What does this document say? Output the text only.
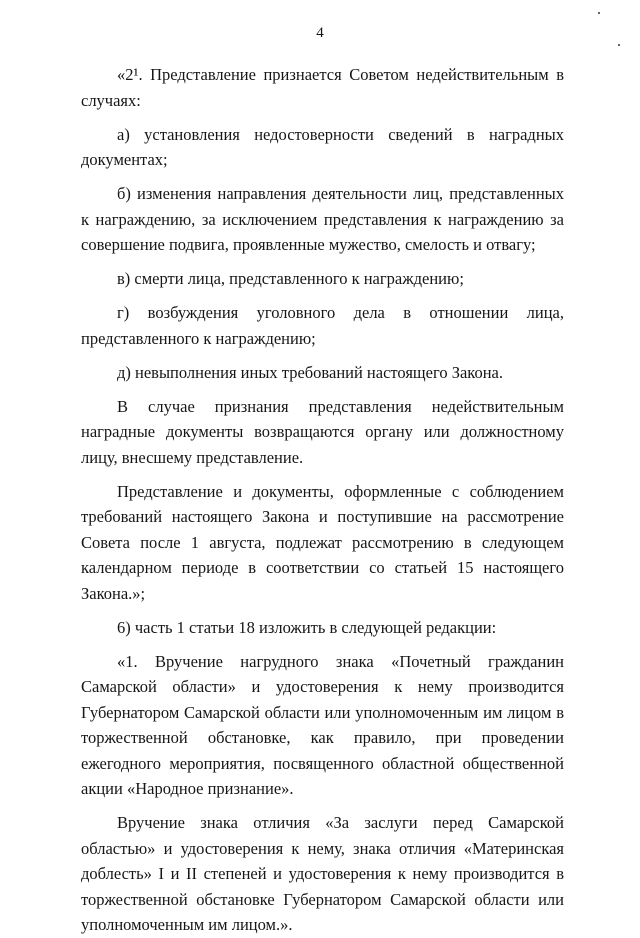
4

«2¹. Представление признается Советом недействительным в случаях:

а) установления недостоверности сведений в наградных документах;

б) изменения направления деятельности лиц, представленных к награждению, за исключением представления к награждению за совершение подвига, проявленные мужество, смелость и отвагу;

в) смерти лица, представленного к награждению;

г) возбуждения уголовного дела в отношении лица, представленного к награждению;

д) невыполнения иных требований настоящего Закона.

В случае признания представления недействительным наградные документы возвращаются органу или должностному лицу, внесшему представление.

Представление и документы, оформленные с соблюдением требований настоящего Закона и поступившие на рассмотрение Совета после 1 августа, подлежат рассмотрению в следующем календарном периоде в соответствии со статьей 15 настоящего Закона.»;

6) часть 1 статьи 18 изложить в следующей редакции:

«1. Вручение нагрудного знака «Почетный гражданин Самарской области» и удостоверения к нему производится Губернатором Самарской области или уполномоченным им лицом в торжественной обстановке, как правило, при проведении ежегодного мероприятия, посвященного областной общественной акции «Народное признание».

Вручение знака отличия «За заслуги перед Самарской областью» и удостоверения к нему, знака отличия «Материнская доблесть» I и II степеней и удостоверения к нему производится в торжественной обстановке Губернатором Самарской области или уполномоченным им лицом.».
